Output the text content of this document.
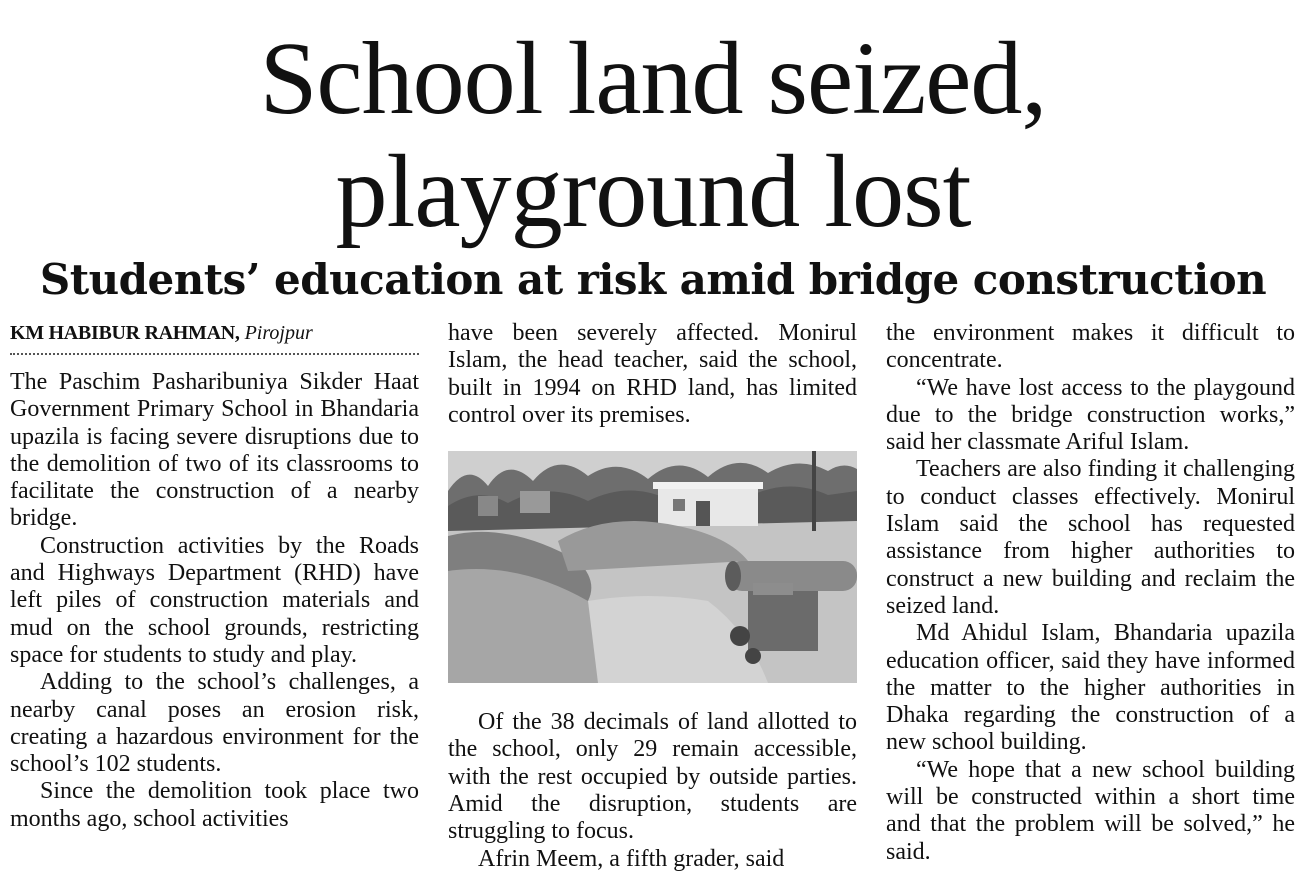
School land seized,
playground lost
Students’ education at risk amid bridge construction
KM HABIBUR RAHMAN, Pirojpur

The Paschim Pasharibuniya Sikder Haat Government Primary School in Bhandaria upazila is facing severe disruptions due to the demolition of two of its classrooms to facilitate the construction of a nearby bridge.

Construction activities by the Roads and Highways Department (RHD) have left piles of construction materials and mud on the school grounds, restricting space for students to study and play.

Adding to the school’s challenges, a nearby canal poses an erosion risk, creating a hazardous environment for the school’s 102 students.

Since the demolition took place two months ago, school activities

have been severely affected. Monirul Islam, the head teacher, said the school, built in 1994 on RHD land, has limited control over its premises.

Of the 38 decimals of land allotted to the school, only 29 remain accessible, with the rest occupied by outside parties. Amid the disruption, students are struggling to focus.

Afrin Meem, a fifth grader, said

the environment makes it difficult to concentrate.

“We have lost access to the playgound due to the bridge construction works,” said her classmate Ariful Islam.

Teachers are also finding it challenging to conduct classes effectively. Monirul Islam said the school has requested assistance from higher authorities to construct a new building and reclaim the seized land.

Md Ahidul Islam, Bhandaria upazila education officer, said they have informed the matter to the higher authorities in Dhaka regarding the construction of a new school building.

“We hope that a new school building will be constructed within a short time and that the problem will be solved,” he said.
